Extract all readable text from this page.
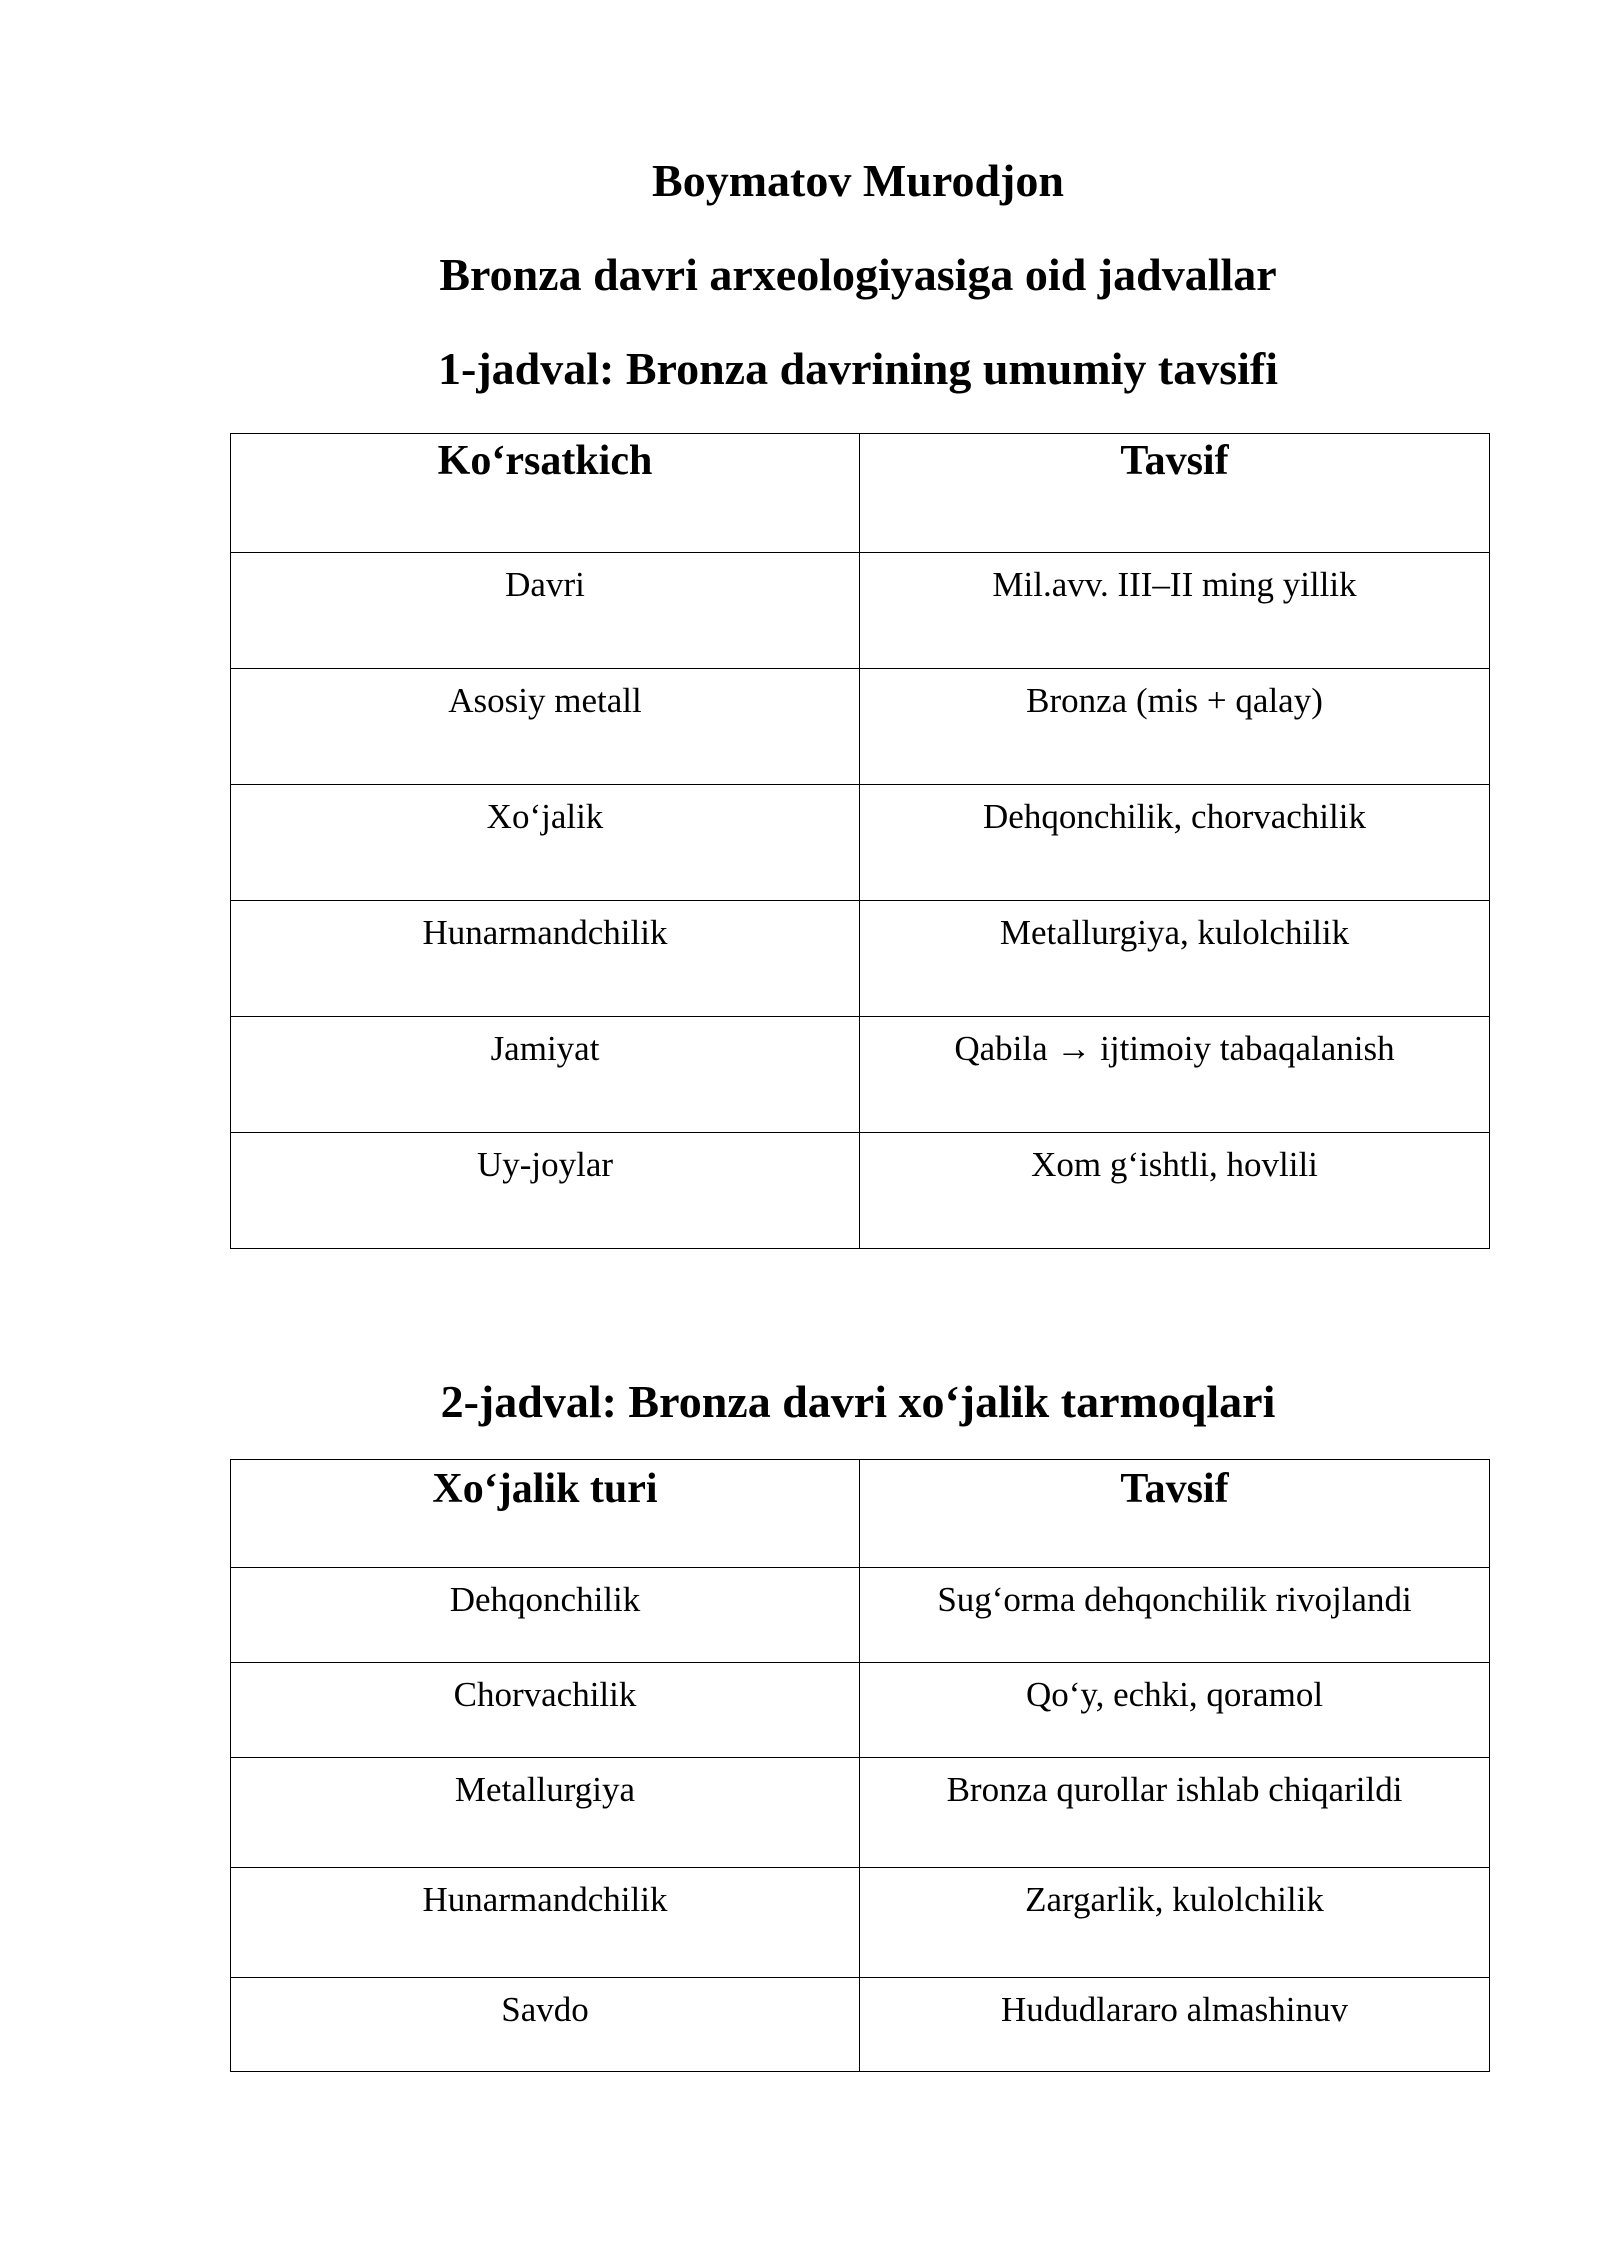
Boymatov Murodjon
Bronza davri arxeologiyasiga oid jadvallar
1-jadval: Bronza davrining umumiy tavsifi
Ko‘rsatkich	Tavsif
Davri	Mil.avv. III–II ming yillik
Asosiy metall	Bronza (mis + qalay)
Xo‘jalik	Dehqonchilik, chorvachilik
Hunarmandchilik	Metallurgiya, kulolchilik
Jamiyat	Qabila → ijtimoiy tabaqalanish
Uy-joylar	Xom g‘ishtli, hovlili
2-jadval: Bronza davri xo‘jalik tarmoqlari
Xo‘jalik turi	Tavsif
Dehqonchilik	Sug‘orma dehqonchilik rivojlandi
Chorvachilik	Qo‘y, echki, qoramol
Metallurgiya	Bronza qurollar ishlab chiqarildi
Hunarmandchilik	Zargarlik, kulolchilik
Savdo	Hududlararo almashinuv
